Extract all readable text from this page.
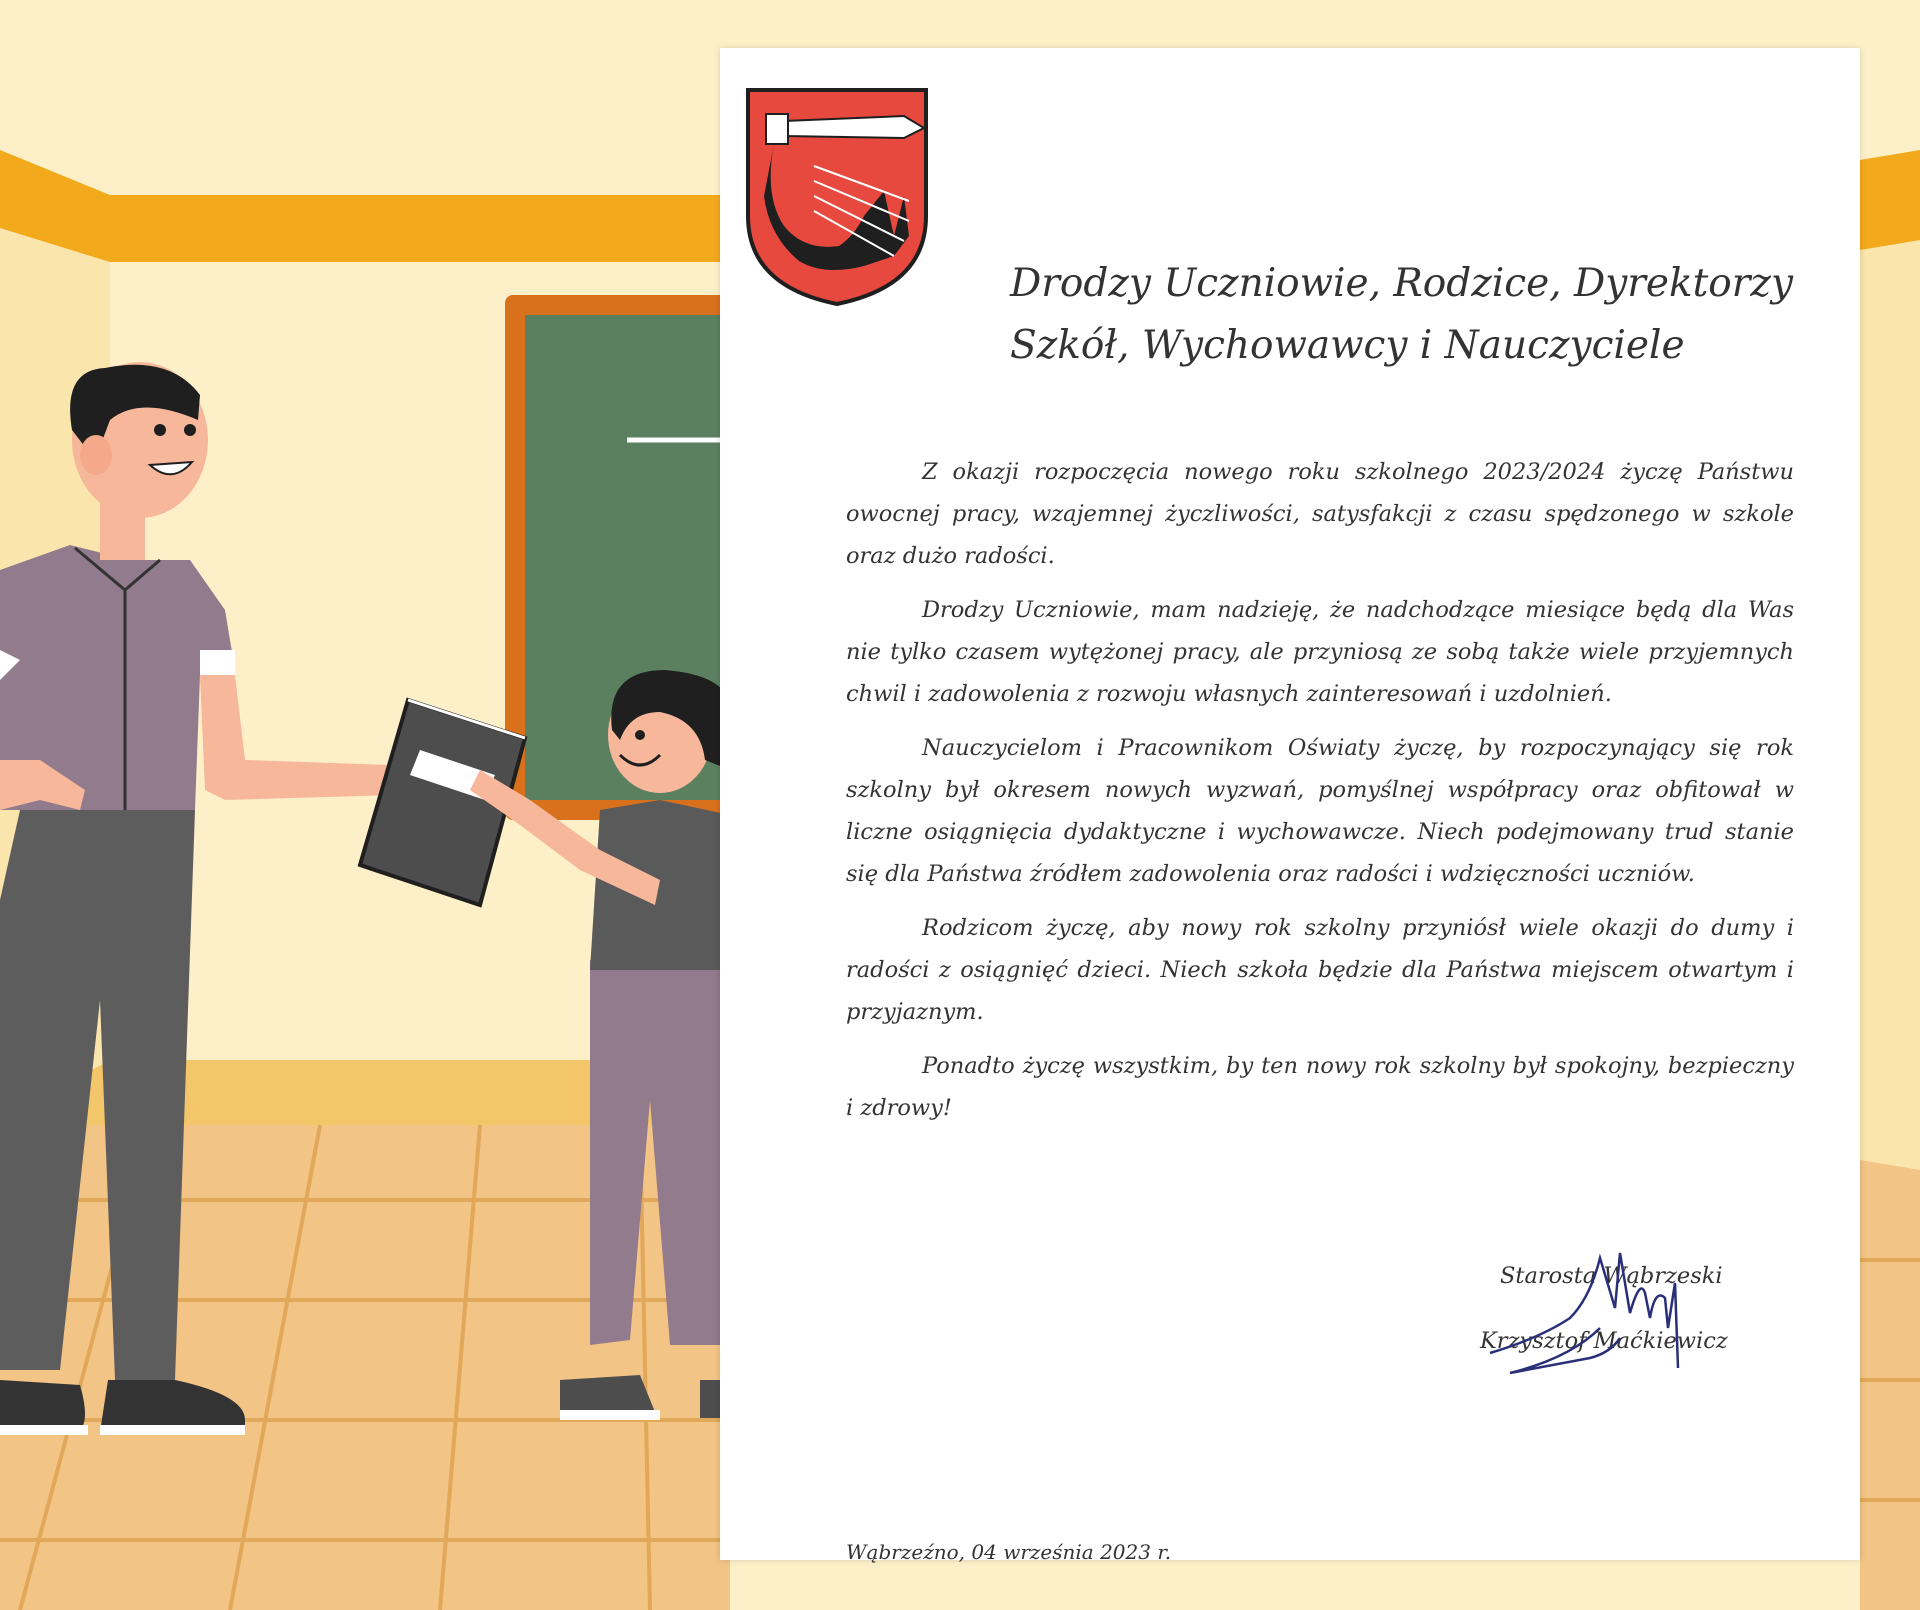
Drodzy Uczniowie, Rodzice, Dyrektorzy
Szkół, Wychowawcy i Nauczyciele

Z okazji rozpoczęcia nowego roku szkolnego 2023/2024 życzę Państwu owocnej pracy, wzajemnej życzliwości, satysfakcji z czasu spędzonego w szkole oraz dużo radości.

Drodzy Uczniowie, mam nadzieję, że nadchodzące miesiące będą dla Was nie tylko czasem wytężonej pracy, ale przyniosą ze sobą także wiele przyjemnych chwil i zadowolenia z rozwoju własnych zainteresowań i uzdolnień.

Nauczycielom i Pracownikom Oświaty życzę, by rozpoczynający się rok szkolny był okresem nowych wyzwań, pomyślnej współpracy oraz obfitował w liczne osiągnięcia dydaktyczne i wychowawcze. Niech podejmowany trud stanie się dla Państwa źródłem zadowolenia oraz radości i wdzięczności uczniów.

Rodzicom życzę, aby nowy rok szkolny przyniósł wiele okazji do dumy i radości z osiągnięć dzieci. Niech szkoła będzie dla Państwa miejscem otwartym i przyjaznym.

Ponadto życzę wszystkim, by ten nowy rok szkolny był spokojny, bezpieczny i zdrowy!

Starosta Wąbrzeski
Krzysztof Maćkiewicz
Wąbrzeźno, 04 września 2023 r.
